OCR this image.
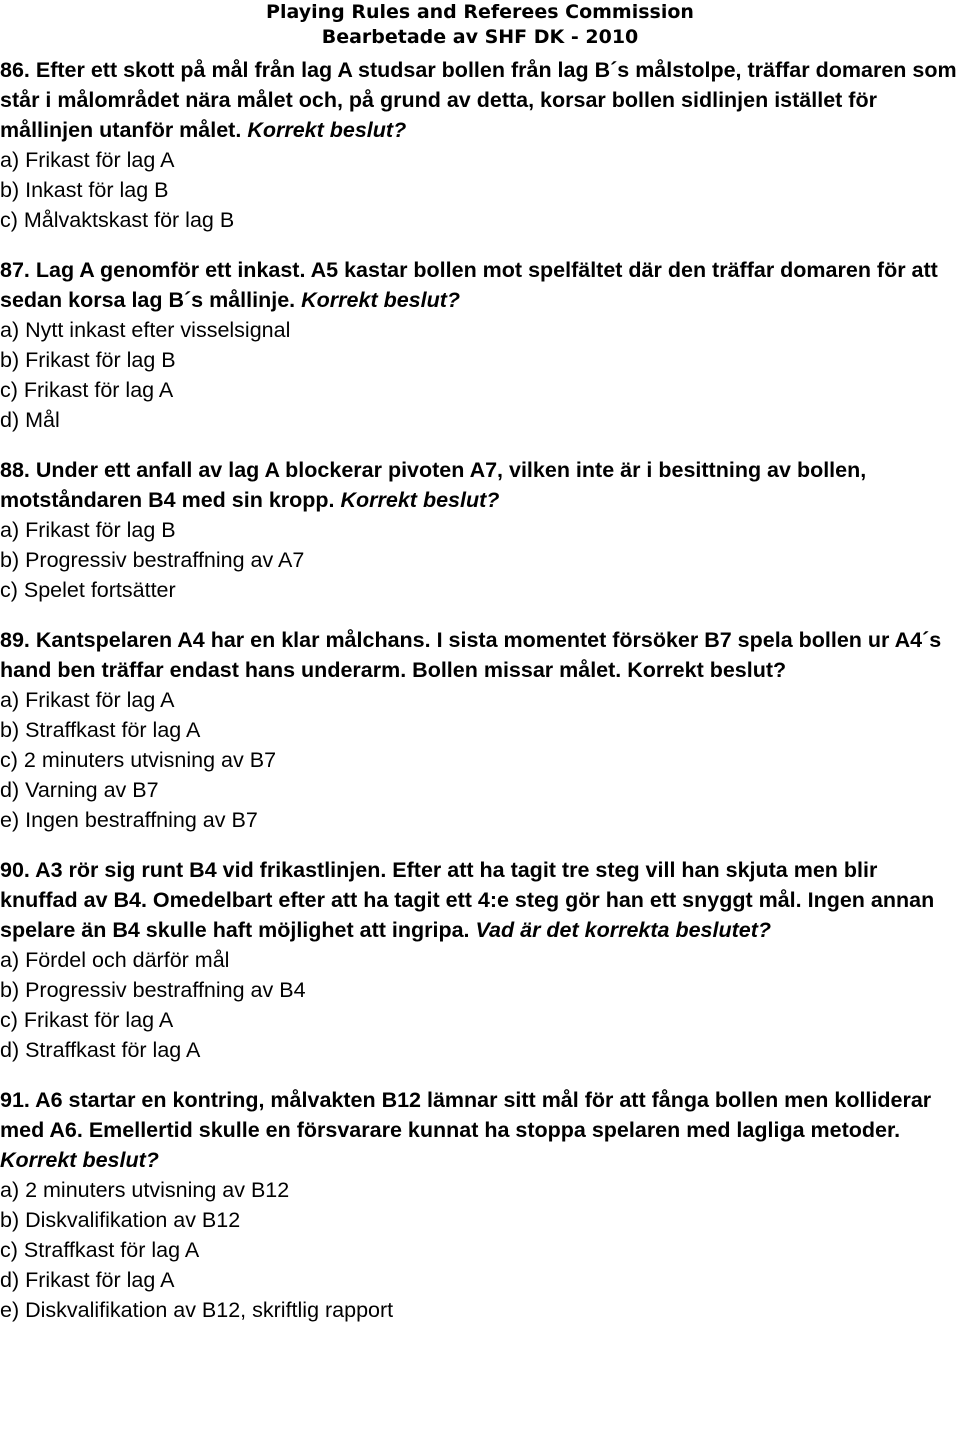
Playing Rules and Referees Commission
Bearbetade av SHF DK - 2010

86. Efter ett skott på mål från lag A studsar bollen från lag B´s målstolpe, träffar domaren som står i målområdet nära målet och, på grund av detta, korsar bollen sidlinjen istället för mållinjen utanför målet. Korrekt beslut?

a) Frikast för lag A

b) Inkast för lag B

c) Målvaktskast för lag B

87. Lag A genomför ett inkast. A5 kastar bollen mot spelfältet där den träffar domaren för att sedan korsa lag B´s mållinje. Korrekt beslut?

a) Nytt inkast efter visselsignal

b) Frikast för lag B

c) Frikast för lag A

d) Mål

88. Under ett anfall av lag A blockerar pivoten A7, vilken inte är i besittning av bollen, motståndaren B4 med sin kropp. Korrekt beslut?

a) Frikast för lag B

b) Progressiv bestraffning av A7

c) Spelet fortsätter

89. Kantspelaren A4 har en klar målchans. I sista momentet försöker B7 spela bollen ur A4´s hand ben träffar endast hans underarm. Bollen missar målet. Korrekt beslut?

a) Frikast för lag A

b) Straffkast för lag A

c) 2 minuters utvisning av B7

d) Varning av B7

e) Ingen bestraffning av B7

90. A3 rör sig runt B4 vid frikastlinjen. Efter att ha tagit tre steg vill han skjuta men blir knuffad av B4. Omedelbart efter att ha tagit ett 4:e steg gör han ett snyggt mål. Ingen annan spelare än B4 skulle haft möjlighet att ingripa. Vad är det korrekta beslutet?

a) Fördel och därför mål

b) Progressiv bestraffning av B4

c) Frikast för lag A

d) Straffkast för lag A

91. A6 startar en kontring, målvakten B12 lämnar sitt mål för att fånga bollen men kolliderar med A6. Emellertid skulle en försvarare kunnat ha stoppa spelaren med lagliga metoder. Korrekt beslut?

a) 2 minuters utvisning av B12

b) Diskvalifikation av B12

c) Straffkast för lag A

d) Frikast för lag A

e) Diskvalifikation av B12, skriftlig rapport
